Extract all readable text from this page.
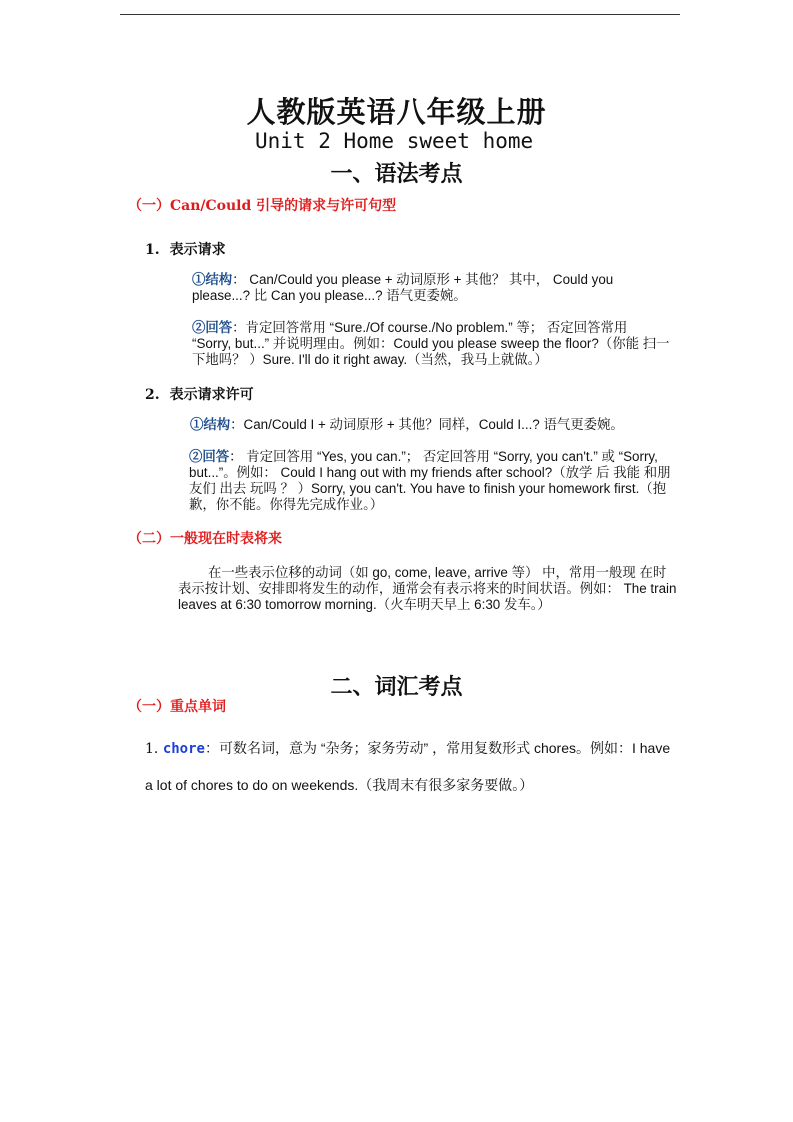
人教版英语八年级上册
Unit 2 Home sweet home
一、语法考点
（一）Can/Could 引导的请求与许可句型
1. 表示请求
①结构： Can/Could you please + 动词原形 + 其他？ 其中， Could you please...? 比 Can you please...? 语气更委婉。
②回答：肯定回答常用 “Sure./Of course./No problem.” 等； 否定回答常用 “Sorry, but...” 并说明理由。例如：Could you please sweep the floor?（你能 扫一下地吗？ ）Sure. I'll do it right away.（当然，我马上就做。）
2. 表示请求许可
①结构：Can/Could I + 动词原形 + 其他？同样，Could I...? 语气更委婉。
②回答： 肯定回答用 “Yes, you can.”； 否定回答用 “Sorry, you can't.” 或 “Sorry, but...”。例如： Could I hang out with my friends after school?（放学 后 我能 和朋 友们 出去 玩吗 ？ ）Sorry, you can't. You have to finish your homework first.（抱歉，你不能。你得先完成作业。）
（二）一般现在时表将来
在一些表示位移的动词（如 go, come, leave, arrive 等） 中，常用一般现 在时表示按计划、安排即将发生的动作，通常会有表示将来的时间状语。例如： The train leaves at 6:30 tomorrow morning.（火车明天早上 6:30 发车。）
二、词汇考点
（一）重点单词
1. chore：可数名词，意为 “杂务；家务劳动” ，常用复数形式 chores。例如：I have a lot of chores to do on weekends.（我周末有很多家务要做。）
